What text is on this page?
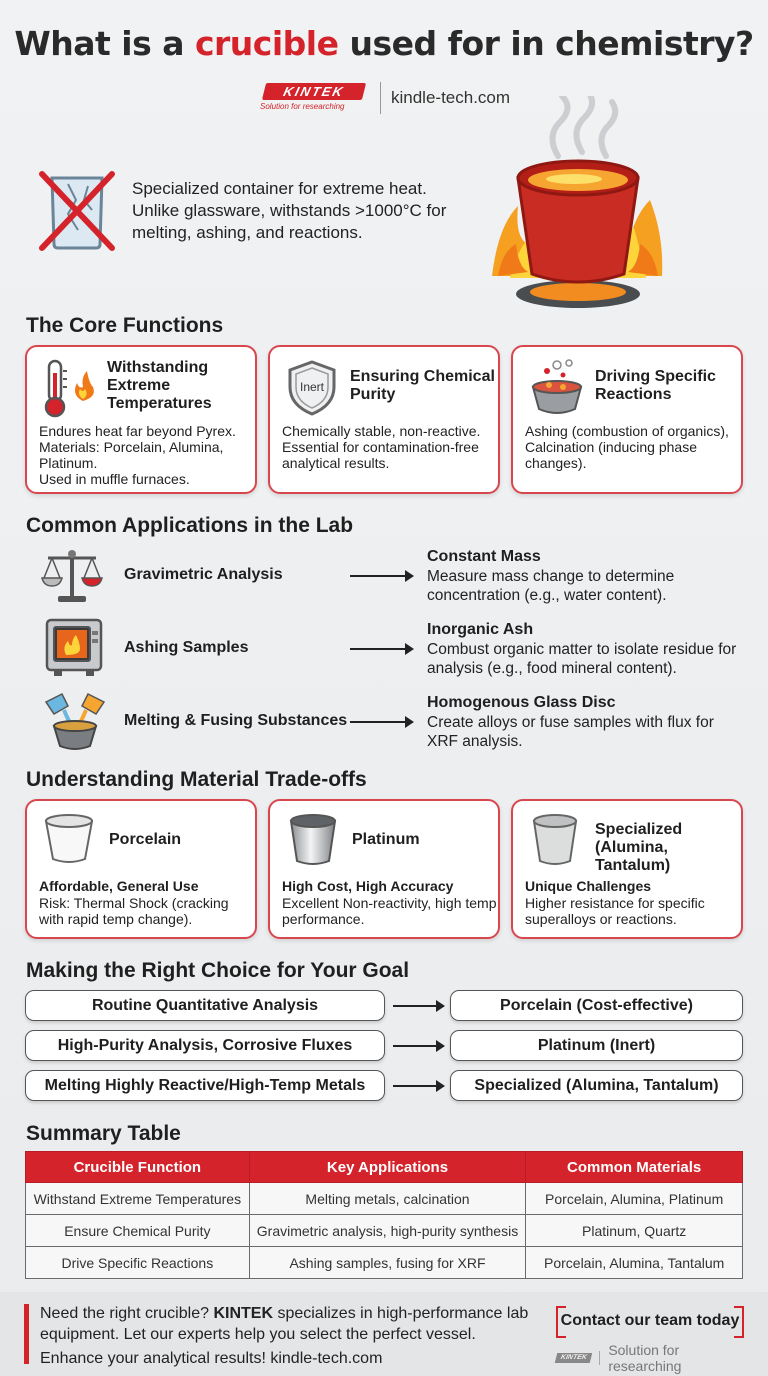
What is a crucible used for in chemistry?
KINTEK
Solution for researching	kindle-tech.com
Specialized container for extreme heat. Unlike glassware, withstands >1000°C for melting, ashing, and reactions.
The Core Functions
Withstanding Extreme Temperatures
Endures heat far beyond Pyrex. Materials: Porcelain, Alumina, Platinum.
Used in muffle furnaces.
Inert
Ensuring Chemical Purity
Chemically stable, non-reactive. Essential for contamination-free analytical results.
Driving Specific Reactions
Ashing (combustion of organics), Calcination (inducing phase changes).
Common Applications in the Lab
Gravimetric Analysis
Constant Mass
Measure mass change to determine concentration (e.g., water content).
Ashing Samples
Inorganic Ash
Combust organic matter to isolate residue for analysis (e.g., food mineral content).
Melting & Fusing Substances
Homogenous Glass Disc
Create alloys or fuse samples with flux for XRF analysis.
Understanding Material Trade-offs
Porcelain
Affordable, General Use
Risk: Thermal Shock (cracking with rapid temp change).
Platinum
High Cost, High Accuracy
Excellent Non-reactivity, high temp performance.
Specialized (Alumina, Tantalum)
Unique Challenges
Higher resistance for specific superalloys or reactions.
Making the Right Choice for Your Goal
Routine Quantitative Analysis	Porcelain (Cost-effective)
High-Purity Analysis, Corrosive Fluxes	Platinum (Inert)
Melting Highly Reactive/High-Temp Metals	Specialized (Alumina, Tantalum)
Summary Table
Crucible Function	Key Applications	Common Materials
Withstand Extreme Temperatures	Melting metals, calcination	Porcelain, Alumina, Platinum
Ensure Chemical Purity	Gravimetric analysis, high-purity synthesis	Platinum, Quartz
Drive Specific Reactions	Ashing samples, fusing for XRF	Porcelain, Alumina, Tantalum
Need the right crucible? KINTEK specializes in high-performance lab equipment. Let our experts help you select the perfect vessel.
Enhance your analytical results! kindle-tech.com
Contact our team today
KINTEK	Solution for researching
